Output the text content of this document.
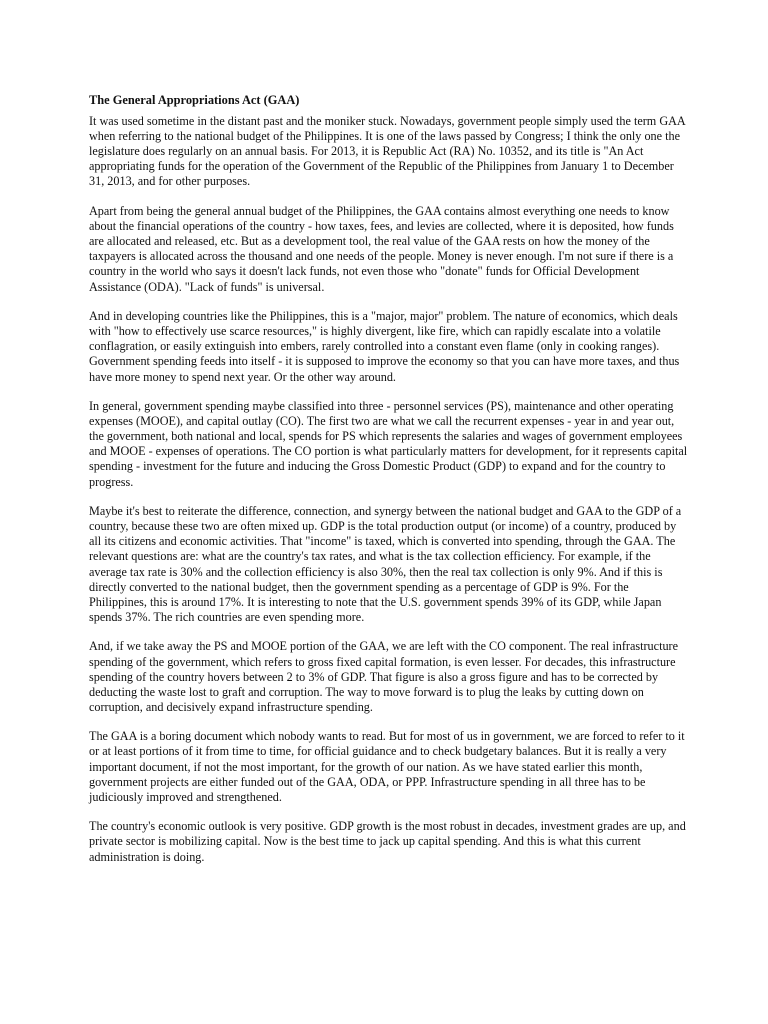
The General Appropriations Act (GAA)

It was used sometime in the distant past and the moniker stuck. Nowadays, government people simply used the term GAA when referring to the national budget of the Philippines. It is one of the laws passed by Congress; I think the only one the legislature does regularly on an annual basis. For 2013, it is Republic Act (RA) No. 10352, and its title is "An Act appropriating funds for the operation of the Government of the Republic of the Philippines from January 1 to December 31, 2013, and for other purposes.

Apart from being the general annual budget of the Philippines, the GAA contains almost everything one needs to know about the financial operations of the country - how taxes, fees, and levies are collected, where it is deposited, how funds are allocated and released, etc. But as a development tool, the real value of the GAA rests on how the money of the taxpayers is allocated across the thousand and one needs of the people. Money is never enough. I'm not sure if there is a country in the world who says it doesn't lack funds, not even those who "donate" funds for Official Development Assistance (ODA). "Lack of funds" is universal.

And in developing countries like the Philippines, this is a "major, major" problem. The nature of economics, which deals with "how to effectively use scarce resources," is highly divergent, like fire, which can rapidly escalate into a volatile conflagration, or easily extinguish into embers, rarely controlled into a constant even flame (only in cooking ranges). Government spending feeds into itself - it is supposed to improve the economy so that you can have more taxes, and thus have more money to spend next year. Or the other way around.

In general, government spending maybe classified into three - personnel services (PS), maintenance and other operating expenses (MOOE), and capital outlay (CO). The first two are what we call the recurrent expenses - year in and year out, the government, both national and local, spends for PS which represents the salaries and wages of government employees and MOOE - expenses of operations. The CO portion is what particularly matters for development, for it represents capital spending - investment for the future and inducing the Gross Domestic Product (GDP) to expand and for the country to progress.

Maybe it's best to reiterate the difference, connection, and synergy between the national budget and GAA to the GDP of a country, because these two are often mixed up. GDP is the total production output (or income) of a country, produced by all its citizens and economic activities. That "income" is taxed, which is converted into spending, through the GAA. The relevant questions are: what are the country's tax rates, and what is the tax collection efficiency. For example, if the average tax rate is 30% and the collection efficiency is also 30%, then the real tax collection is only 9%. And if this is directly converted to the national budget, then the government spending as a percentage of GDP is 9%. For the Philippines, this is around 17%. It is interesting to note that the U.S. government spends 39% of its GDP, while Japan spends 37%. The rich countries are even spending more.

And, if we take away the PS and MOOE portion of the GAA, we are left with the CO component. The real infrastructure spending of the government, which refers to gross fixed capital formation, is even lesser. For decades, this infrastructure spending of the country hovers between 2 to 3% of GDP. That figure is also a gross figure and has to be corrected by deducting the waste lost to graft and corruption. The way to move forward is to plug the leaks by cutting down on corruption, and decisively expand infrastructure spending.

The GAA is a boring document which nobody wants to read. But for most of us in government, we are forced to refer to it or at least portions of it from time to time, for official guidance and to check budgetary balances. But it is really a very important document, if not the most important, for the growth of our nation. As we have stated earlier this month, government projects are either funded out of the GAA, ODA, or PPP. Infrastructure spending in all three has to be judiciously improved and strengthened.

The country's economic outlook is very positive. GDP growth is the most robust in decades, investment grades are up, and private sector is mobilizing capital. Now is the best time to jack up capital spending. And this is what this current administration is doing.
